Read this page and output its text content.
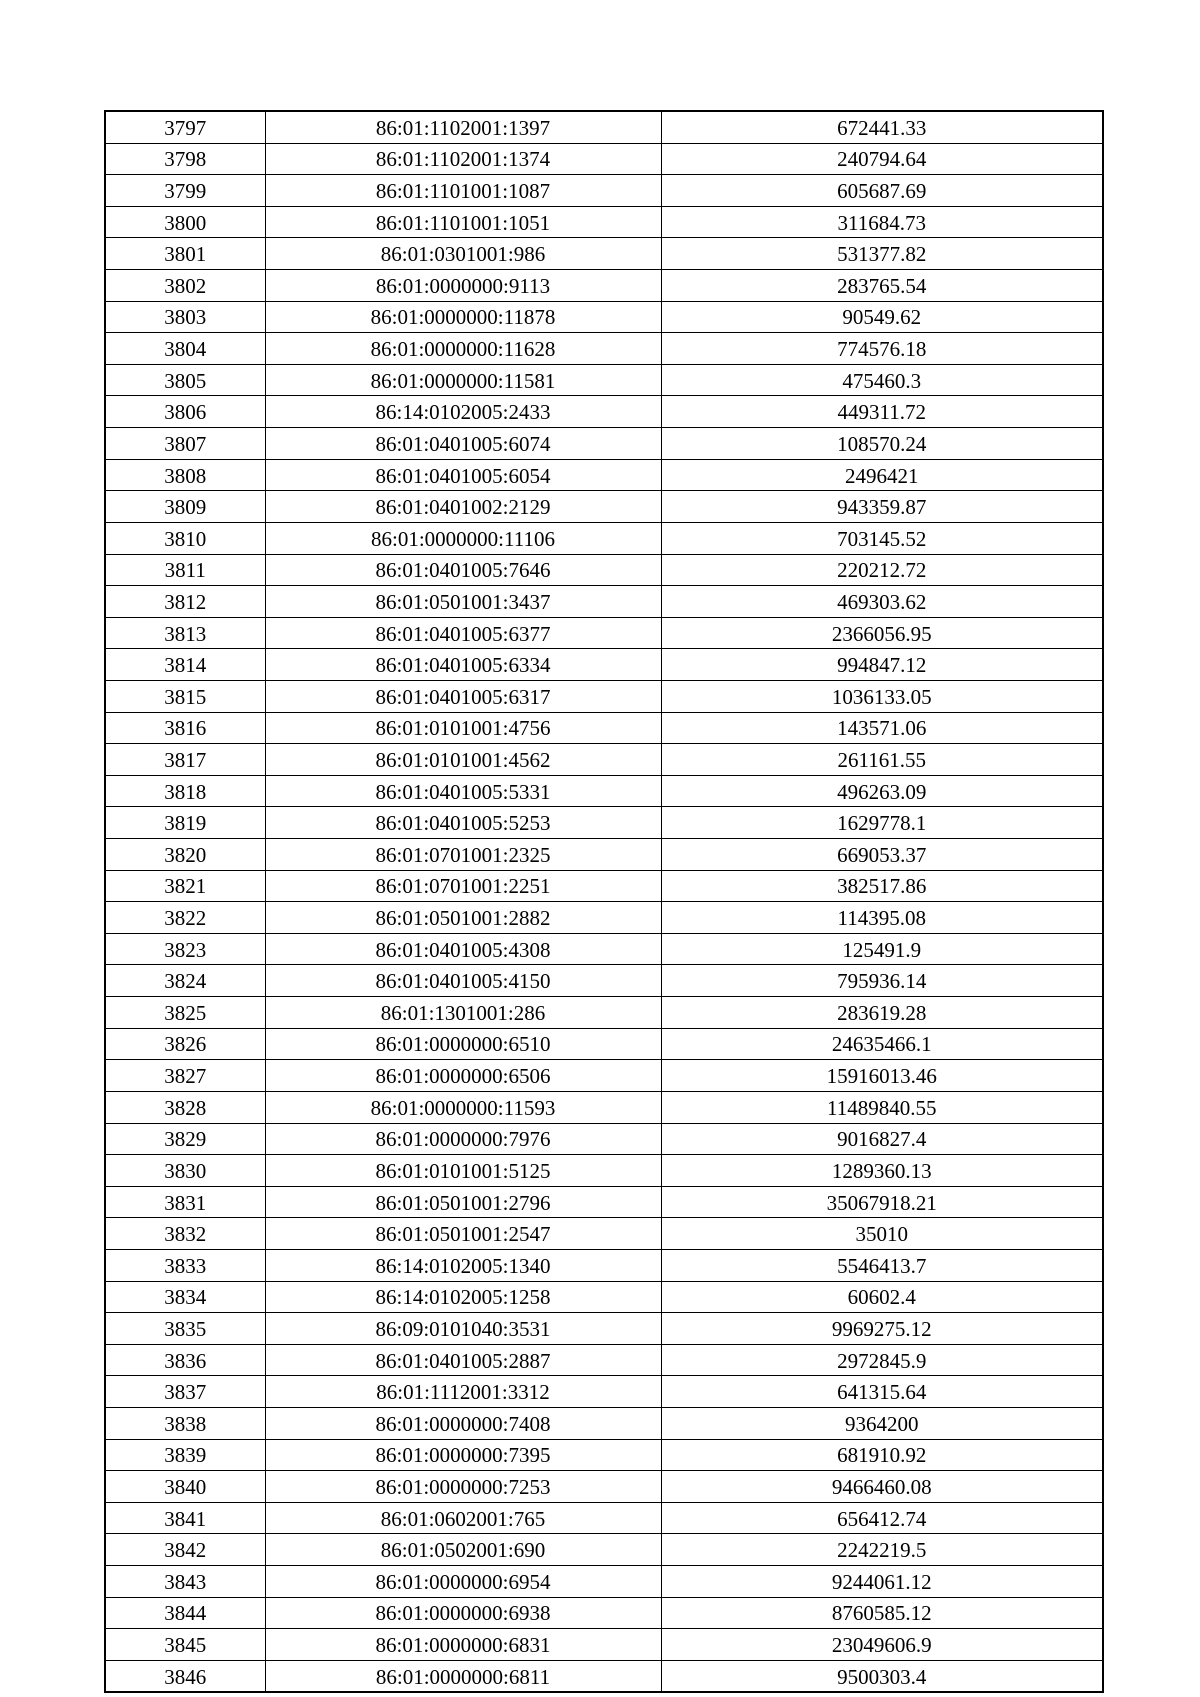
3797	86:01:1102001:1397	672441.33
3798	86:01:1102001:1374	240794.64
3799	86:01:1101001:1087	605687.69
3800	86:01:1101001:1051	311684.73
3801	86:01:0301001:986	531377.82
3802	86:01:0000000:9113	283765.54
3803	86:01:0000000:11878	90549.62
3804	86:01:0000000:11628	774576.18
3805	86:01:0000000:11581	475460.3
3806	86:14:0102005:2433	449311.72
3807	86:01:0401005:6074	108570.24
3808	86:01:0401005:6054	2496421
3809	86:01:0401002:2129	943359.87
3810	86:01:0000000:11106	703145.52
3811	86:01:0401005:7646	220212.72
3812	86:01:0501001:3437	469303.62
3813	86:01:0401005:6377	2366056.95
3814	86:01:0401005:6334	994847.12
3815	86:01:0401005:6317	1036133.05
3816	86:01:0101001:4756	143571.06
3817	86:01:0101001:4562	261161.55
3818	86:01:0401005:5331	496263.09
3819	86:01:0401005:5253	1629778.1
3820	86:01:0701001:2325	669053.37
3821	86:01:0701001:2251	382517.86
3822	86:01:0501001:2882	114395.08
3823	86:01:0401005:4308	125491.9
3824	86:01:0401005:4150	795936.14
3825	86:01:1301001:286	283619.28
3826	86:01:0000000:6510	24635466.1
3827	86:01:0000000:6506	15916013.46
3828	86:01:0000000:11593	11489840.55
3829	86:01:0000000:7976	9016827.4
3830	86:01:0101001:5125	1289360.13
3831	86:01:0501001:2796	35067918.21
3832	86:01:0501001:2547	35010
3833	86:14:0102005:1340	5546413.7
3834	86:14:0102005:1258	60602.4
3835	86:09:0101040:3531	9969275.12
3836	86:01:0401005:2887	2972845.9
3837	86:01:1112001:3312	641315.64
3838	86:01:0000000:7408	9364200
3839	86:01:0000000:7395	681910.92
3840	86:01:0000000:7253	9466460.08
3841	86:01:0602001:765	656412.74
3842	86:01:0502001:690	2242219.5
3843	86:01:0000000:6954	9244061.12
3844	86:01:0000000:6938	8760585.12
3845	86:01:0000000:6831	23049606.9
3846	86:01:0000000:6811	9500303.4
